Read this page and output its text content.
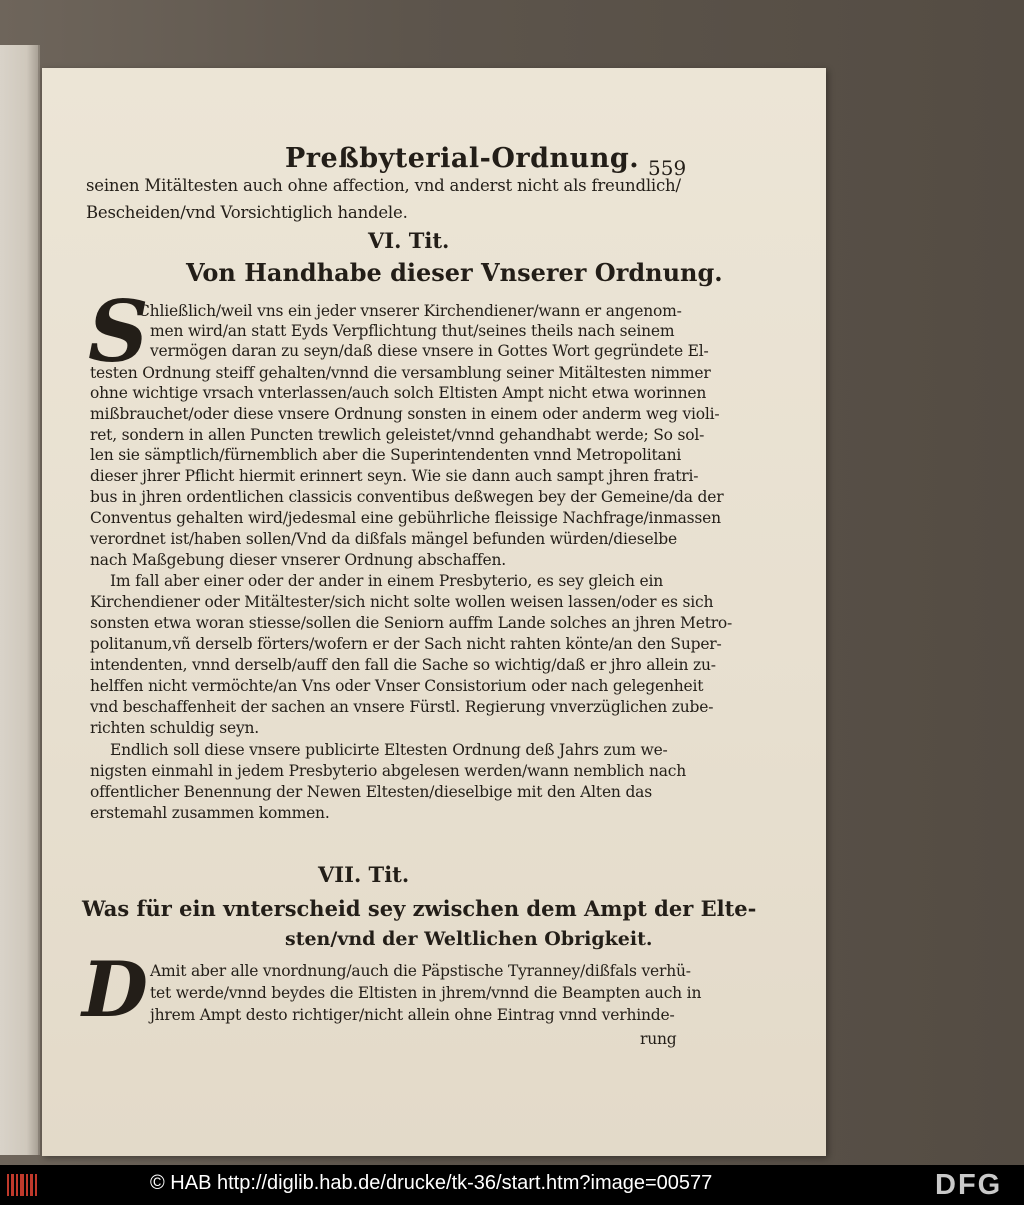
Preßbyterial-Ordnung. 559
seinen Mitältesten auch ohne affection, vnd anderst nicht als freundlich/
Bescheiden/vnd Vorsichtiglich handele.
VI. Tit.
Von Handhabe dieser Vnserer Ordnung.
S
Chließlich/weil vns ein jeder vnserer Kirchendiener/wann er angenom-
men wird/an statt Eyds Verpflichtung thut/seines theils nach seinem
vermögen daran zu seyn/daß diese vnsere in Gottes Wort gegründete El-
testen Ordnung steiff gehalten/vnnd die versamblung seiner Mitältesten nimmer
ohne wichtige vrsach vnterlassen/auch solch Eltisten Ampt nicht etwa worinnen
mißbrauchet/oder diese vnsere Ordnung sonsten in einem oder anderm weg violi-
ret, sondern in allen Puncten trewlich geleistet/vnnd gehandhabt werde; So sol-
len sie sämptlich/fürnemblich aber die Superintendenten vnnd Metropolitani
dieser jhrer Pflicht hiermit erinnert seyn. Wie sie dann auch sampt jhren fratri-
bus in jhren ordentlichen classicis conventibus deßwegen bey der Gemeine/da der
Conventus gehalten wird/jedesmal eine gebührliche fleissige Nachfrage/inmassen
verordnet ist/haben sollen/Vnd da dißfals mängel befunden würden/dieselbe
nach Maßgebung dieser vnserer Ordnung abschaffen.
Im fall aber einer oder der ander in einem Presbyterio, es sey gleich ein
Kirchendiener oder Mitältester/sich nicht solte wollen weisen lassen/oder es sich
sonsten etwa woran stiesse/sollen die Seniorn auffm Lande solches an jhren Metro-
politanum,vñ derselb förters/wofern er der Sach nicht rahten könte/an den Super-
intendenten, vnnd derselb/auff den fall die Sache so wichtig/daß er jhro allein zu-
helffen nicht vermöchte/an Vns oder Vnser Consistorium oder nach gelegenheit
vnd beschaffenheit der sachen an vnsere Fürstl. Regierung vnverzüglichen zube-
richten schuldig seyn.
Endlich soll diese vnsere publicirte Eltesten Ordnung deß Jahrs zum we-
nigsten einmahl in jedem Presbyterio abgelesen werden/wann nemblich nach
offentlicher Benennung der Newen Eltesten/dieselbige mit den Alten das
erstemahl zusammen kommen.
VII. Tit.
Was für ein vnterscheid sey zwischen dem Ampt der Elte-
sten/vnd der Weltlichen Obrigkeit.
D Amit aber alle vnordnung/auch die Päpstische Tyranney/dißfals verhü-
tet werde/vnnd beydes die Eltisten in jhrem/vnnd die Beampten auch in
jhrem Ampt desto richtiger/nicht allein ohne Eintrag vnnd verhinde-
rung
© HAB http://diglib.hab.de/drucke/tk-36/start.htm?image=00577	DFG
